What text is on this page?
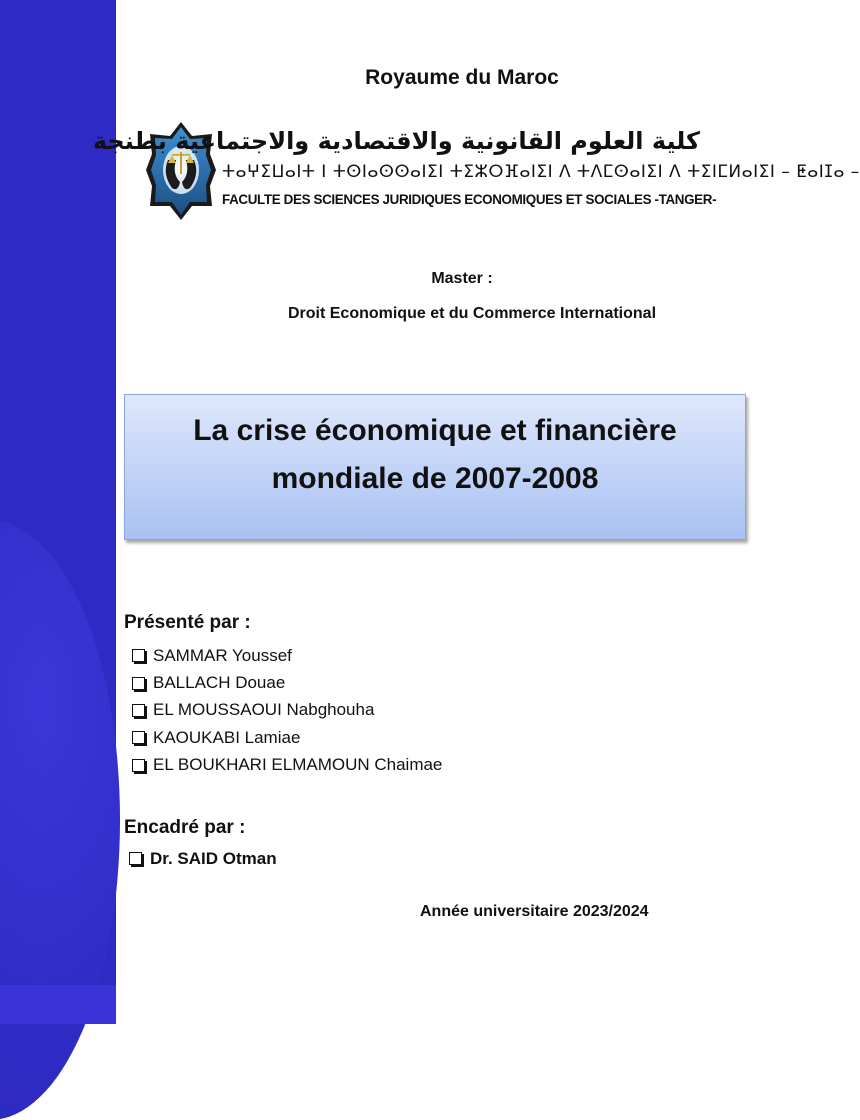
Royaume du Maroc
كلية العلوم القانونية والاقتصادية والاجتماعية بطنجة
ⵜⴰⵖⵉⵡⴰⵏⵜ ⵏ ⵜⵙⵏⴰⵙⵙⴰⵏⵉⵏ ⵜⵉⵣⵔⴼⴰⵏⵉⵏ ⴷ ⵜⴷⵎⵙⴰⵏⵉⵏ ⴷ ⵜⵉⵏⵎⵍⴰⵏⵉⵏ – ⵟⴰⵏⵊⴰ –
FACULTE DES SCIENCES JURIDIQUES ECONOMIQUES ET SOCIALES -TANGER-
Master :
Droit Economique et du Commerce International
La crise économique et financière
mondiale de 2007-2008
Présenté par :
SAMMAR Youssef
BALLACH Douae
EL MOUSSAOUI Nabghouha
KAOUKABI Lamiae
EL BOUKHARI ELMAMOUN Chaimae
Encadré par :
Dr. SAID Otman
Année universitaire 2023/2024
